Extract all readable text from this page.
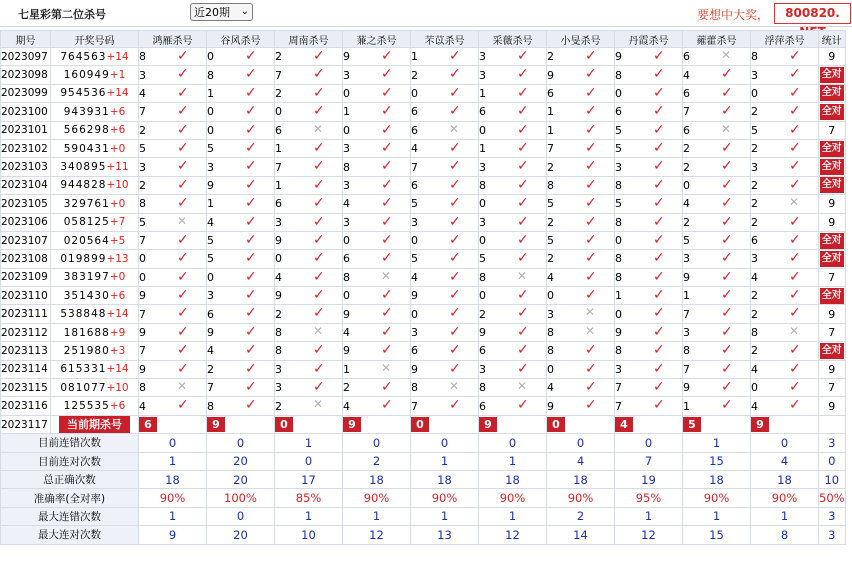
七星彩第二位杀号	近20期 ⌄	要想中大奖，	800820.
期号	开奖号码	鸿雁杀号	谷风杀号	周南杀号	蒹之杀号	芣苡杀号	采薇杀号	小旻杀号	丹霞杀号	蕹藿杀号	浮萍杀号	统计
2023097	764563+14	8 ✓	0 ✓	2 ✓	9 ✓	1 ✓	3 ✓	2 ✓	9 ✓	6 ✕	8 ✓	9
2023098	160949+1	3 ✓	8 ✓	7 ✓	3 ✓	2 ✓	3 ✓	9 ✓	8 ✓	4 ✓	3 ✓	全对
2023099	954536+14	4 ✓	1 ✓	2 ✓	0 ✓	0 ✓	1 ✓	6 ✓	0 ✓	6 ✓	0 ✓	全对
2023100	943931+6	7 ✓	0 ✓	0 ✓	1 ✓	6 ✓	6 ✓	1 ✓	6 ✓	7 ✓	2 ✓	全对
2023101	566298+6	2 ✓	0 ✓	6 ✕	0 ✓	6 ✕	0 ✓	1 ✓	5 ✓	6 ✕	5 ✓	7
2023102	590431+0	5 ✓	5 ✓	1 ✓	3 ✓	4 ✓	1 ✓	7 ✓	5 ✓	2 ✓	2 ✓	全对
2023103	340895+11	3 ✓	3 ✓	7 ✓	8 ✓	7 ✓	3 ✓	2 ✓	3 ✓	2 ✓	3 ✓	全对
2023104	944828+10	2 ✓	9 ✓	1 ✓	3 ✓	6 ✓	8 ✓	8 ✓	8 ✓	0 ✓	2 ✓	全对
2023105	329761+0	8 ✓	1 ✓	6 ✓	4 ✓	5 ✓	0 ✓	5 ✓	5 ✓	4 ✓	2 ✕	9
2023106	058125+7	5 ✕	4 ✓	3 ✓	3 ✓	3 ✓	3 ✓	2 ✓	8 ✓	2 ✓	2 ✓	9
2023107	020564+5	7 ✓	5 ✓	9 ✓	0 ✓	0 ✓	0 ✓	5 ✓	0 ✓	5 ✓	6 ✓	全对
2023108	019899+13	0 ✓	5 ✓	0 ✓	6 ✓	5 ✓	5 ✓	2 ✓	8 ✓	3 ✓	3 ✓	全对
2023109	383197+0	0 ✓	0 ✓	4 ✓	8 ✕	4 ✓	8 ✕	4 ✓	8 ✓	9 ✓	4 ✓	7
2023110	351430+6	9 ✓	3 ✓	9 ✓	0 ✓	9 ✓	0 ✓	0 ✓	1 ✓	1 ✓	2 ✓	全对
2023111	538848+14	7 ✓	6 ✓	2 ✓	9 ✓	0 ✓	2 ✓	3 ✕	0 ✓	7 ✓	2 ✓	9
2023112	181688+9	9 ✓	9 ✓	8 ✕	4 ✓	3 ✓	9 ✓	8 ✕	9 ✓	3 ✓	8 ✕	7
2023113	251980+3	7 ✓	4 ✓	8 ✓	9 ✓	6 ✓	6 ✓	8 ✓	8 ✓	8 ✓	2 ✓	全对
2023114	615331+14	9 ✓	2 ✓	3 ✓	1 ✕	9 ✓	3 ✓	0 ✓	3 ✓	7 ✓	4 ✓	9
2023115	081077+10	8 ✕	7 ✓	3 ✓	2 ✓	8 ✕	8 ✕	4 ✓	7 ✓	9 ✓	0 ✓	7
2023116	125535+6	4 ✓	8 ✓	2 ✕	4 ✓	7 ✓	6 ✓	9 ✓	7 ✓	1 ✓	4 ✓	9
2023117	当前期杀号	6	9	0	9	0	9	0	4	5	9	
目前连错次数		0	0	1	0	0	0	0	0	1	0	3
目前连对次数		1	20	0	2	1	1	4	7	15	4	0
总正确次数		18	20	17	18	18	18	18	19	18	18	10
准确率(全对率)		90%	100%	85%	90%	90%	90%	90%	95%	90%	90%	50%
最大连错次数		1	0	1	1	1	1	2	1	1	1	3
最大连对次数		9	20	10	12	13	12	14	12	15	8	3
